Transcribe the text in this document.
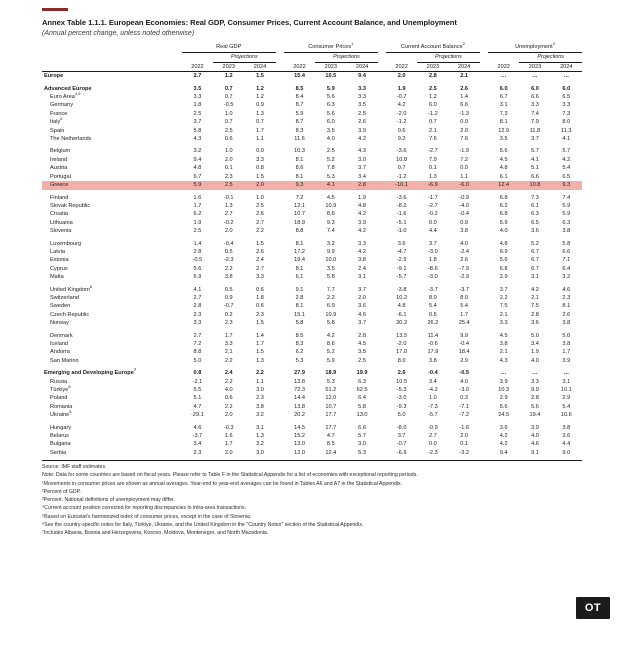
Annex Table 1.1.1. European Economies: Real GDP, Consumer Prices, Current Account Balance, and Unemployment
(Annual percent change, unless noted otherwise)

	Real GDP				Consumer Prices$^1$				Current Account Balance$^2$				Unemployment$^3$

		Projections				Projections				Projections				Projections	

	2022	2023	2024		2022	2023	2024		2022	2023	2024		2022	2023	2024
Europe	2.7	1.2	1.5		15.4	10.5	9.4		2.0	2.8	2.1		…	…	…

Advanced Europe	3.5	0.7	1.2		8.5	5.9	3.3		1.9	2.5	2.6		6.0	6.0	6.0
Euro Area$^{4,5}$	3.3	0.7	1.2		8.4	5.6	3.3		-0.7	1.2	1.4		6.7	6.6	6.5
Germany	1.8	-0.5	0.9		8.7	6.3	3.5		4.2	6.0	6.6		3.1	3.3	3.3
France	2.5	1.0	1.3		5.9	5.6	2.5		-2.0	-1.2	-1.3		7.3	7.4	7.3
Italy$^6$	3.7	0.7	0.7		8.7	6.0	2.6		-1.2	0.7	0.9		8.1	7.9	8.0
Spain	5.8	2.5	1.7		8.3	3.5	3.9		0.6	2.1	2.0		12.9	11.8	11.3
The Netherlands	4.3	0.6	1.1		11.6	4.0	4.2		9.2	7.6	7.6		3.5	3.7	4.1

Belgium	3.2	1.0	0.9		10.3	2.5	4.3		-3.6	-2.7	-1.9		5.6	5.7	5.7
Ireland	9.4	2.0	3.3		8.1	5.2	3.0		10.8	7.9	7.2		4.5	4.1	4.2
Austria	4.8	0.1	0.8		8.6	7.8	3.7		0.7	0.1	0.0		4.8	5.1	5.4
Portugal	6.7	2.3	1.5		8.1	5.3	3.4		-1.2	1.3	1.1		6.1	6.6	6.5
Greece	5.9	2.5	2.0		9.3	4.1	2.8		-10.1	-6.9	-6.0		12.4	10.8	9.3

Finland	1.6	-0.1	1.0		7.2	4.5	1.9		-3.6	-1.7	-0.9		6.8	7.3	7.4
Slovak Republic	1.7	1.3	2.5		12.1	10.9	4.8		-8.2	-2.7	-4.0		6.2	6.1	5.9
Croatia	6.2	2.7	2.6		10.7	8.6	4.2		-1.6	-0.2	-0.4		6.8	6.3	5.9
Lithuania	1.9	-0.2	2.7		18.9	9.3	3.9		-5.1	0.0	0.9		5.9	6.5	6.3
Slovenia	2.5	2.0	2.2		8.8	7.4	4.2		-1.0	4.4	3.8		4.0	3.6	3.8

Luxembourg	1.4	-0.4	1.5		8.1	3.2	3.3		3.6	3.7	4.0		4.8	5.2	5.8
Latvia	2.8	0.5	2.6		17.2	9.9	4.2		-4.7	-3.0	-2.4		6.9	6.7	6.6
Estonia	-0.5	-2.3	2.4		19.4	10.0	3.8		-2.9	1.8	2.6		5.6	6.7	7.1
Cyprus	5.6	2.2	2.7		8.1	3.5	2.4		-9.1	-8.6	-7.9		6.8	6.7	6.4
Malta	6.9	3.8	3.3		6.1	5.8	3.1		-5.7	-3.0	-2.9		2.9	3.1	3.2

United Kingdom$^6$	4.1	0.5	0.6		9.1	7.7	3.7		-3.8	-3.7	-3.7		3.7	4.2	4.6
Switzerland	2.7	0.9	1.8		2.8	2.2	2.0		10.2	8.0	8.0		2.2	2.1	2.3
Sweden	2.8	-0.7	0.6		8.1	6.9	3.6		4.8	5.4	5.4		7.5	7.5	8.1
Czech Republic	2.3	0.2	2.3		15.1	10.9	4.6		-6.1	0.5	1.7		2.1	2.8	2.6
Norway	3.3	2.3	1.5		5.8	5.8	3.7		30.2	26.2	25.4		3.3	3.6	3.8

Denmark	2.7	1.7	1.4		8.5	4.2	2.8		13.5	11.4	9.9		4.5	5.0	5.0
Iceland	7.2	3.3	1.7		8.3	8.6	4.5		-2.0	-0.6	-0.4		3.8	3.4	3.8
Andorra	8.8	2.1	1.5		6.2	5.2	3.5		17.0	17.9	18.4		2.1	1.9	1.7
San Marino	5.0	2.2	1.3		5.3	5.9	2.5		8.0	3.8	2.9		4.3	4.0	3.9

Emerging and Developing Europe$^7$	0.8	2.4	2.2		27.9	18.9	19.9		2.6	-0.4	-0.5		…	…	…
Russia	-2.1	2.2	1.1		13.8	5.3	6.3		10.5	3.4	4.0		3.9	3.3	3.1
Türkiye$^6$	5.5	4.0	3.0		72.3	51.2	62.5		-5.3	-4.2	-3.0		10.3	9.9	10.1
Poland	5.1	0.6	2.3		14.4	12.0	6.4		-3.0	1.0	0.3		2.9	2.8	2.9
Romania	4.7	2.2	3.8		13.8	10.7	5.8		-9.3	-7.3	-7.1		5.6	5.6	5.4
Ukraine$^8$	-29.1	2.0	3.2		20.2	17.7	13.0		5.0	-5.7	-7.2		24.5	19.4	10.6

Hungary	4.6	-0.3	3.1		14.5	17.7	6.6		-8.0	-0.9	-1.6		3.6	3.9	3.8
Belarus	-3.7	1.6	1.3		15.2	4.7	5.7		3.7	2.7	2.0		4.2	4.0	3.6
Bulgaria	3.4	1.7	3.2		13.0	8.5	3.0		-0.7	0.0	0.1		4.2	4.6	4.4
Serbia	2.3	2.0	3.0		12.0	12.4	5.3		-6.9	-2.3	-3.2		9.4	9.1	9.0
Source: IMF staff estimates.
Note: Data for some countries are based on fiscal years. Please refer to Table F in the Statistical Appendix for a list of economies with exceptional reporting periods.
¹Movements in consumer prices are shown as annual averages. Year-end to year-end averages can be found in Tables A6 and A7 in the Statistical Appendix.
²Percent of GDP.
³Percent. National definitions of unemployment may differ.
⁴Current account position corrected for reporting discrepancies in intra-area transactions.
⁵Based on Eurostat's harmonized index of consumer prices, except in the case of Slovenia.
⁶See the country-specific notes for Italy, Türkiye, Ukraine, and the United Kingdom in the "Country Notes" section of the Statistical Appendix.
⁷Includes Albania, Bosnia and Herzegovina, Kosovo, Moldova, Montenegro, and North Macedonia.
OT
